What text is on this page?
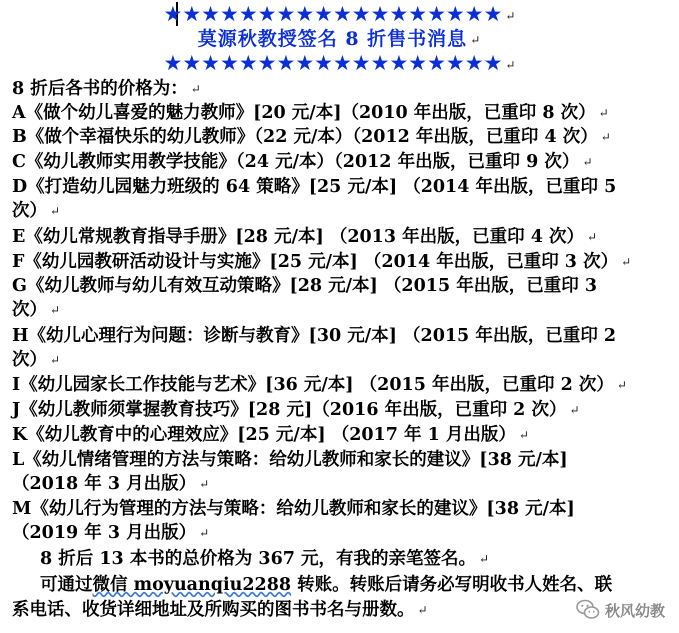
★★★★★★★★★★★★★★★★★★ ↵
莫源秋教授签名 8 折售书消息 ↵
★★★★★★★★★★★★★★★★★★ ↵
8 折后各书的价格为： ↵
A《做个幼儿喜爱的魅力教师》[20 元/本]（2010 年出版，已重印 8 次） ↵
B《做个幸福快乐的幼儿教师》（22 元/本）（2012 年出版，已重印 4 次） ↵
C《幼儿教师实用教学技能》（24 元/本）（2012 年出版，已重印 9 次） ↵
D《打造幼儿园魅力班级的 64 策略》[25 元/本] （2014 年出版，已重印 5
次） ↵
E《幼儿常规教育指导手册》[28 元/本] （2013 年出版，已重印 4 次） ↵
F《幼儿园教研活动设计与实施》[25 元/本] （2014 年出版，已重印 3 次） ↵
G《幼儿教师与幼儿有效互动策略》[28 元/本] （2015 年出版，已重印 3
次） ↵
H《幼儿心理行为问题：诊断与教育》[30 元/本] （2015 年出版，已重印 2
次） ↵
I《幼儿园家长工作技能与艺术》[36 元/本] （2015 年出版，已重印 2 次） ↵
J《幼儿教师须掌握教育技巧》[28 元]（2016 年出版，已重印 2 次） ↵
K《幼儿教育中的心理效应》[25 元/本] （2017 年 1 月出版） ↵
L《幼儿情绪管理的方法与策略：给幼儿教师和家长的建议》[38 元/本]
（2018 年 3 月出版） ↵
M《幼儿行为管理的方法与策略：给幼儿教师和家长的建议》[38 元/本]
（2019 年 3 月出版） ↵
8 折后 13 本书的总价格为 367 元，有我的亲笔签名。 ↵
可通过微信 moyuanqiu2288 转账。转账后请务必写明收书人姓名、联
系电话、收货详细地址及所购买的图书书名与册数。 ↵	秋风幼教
